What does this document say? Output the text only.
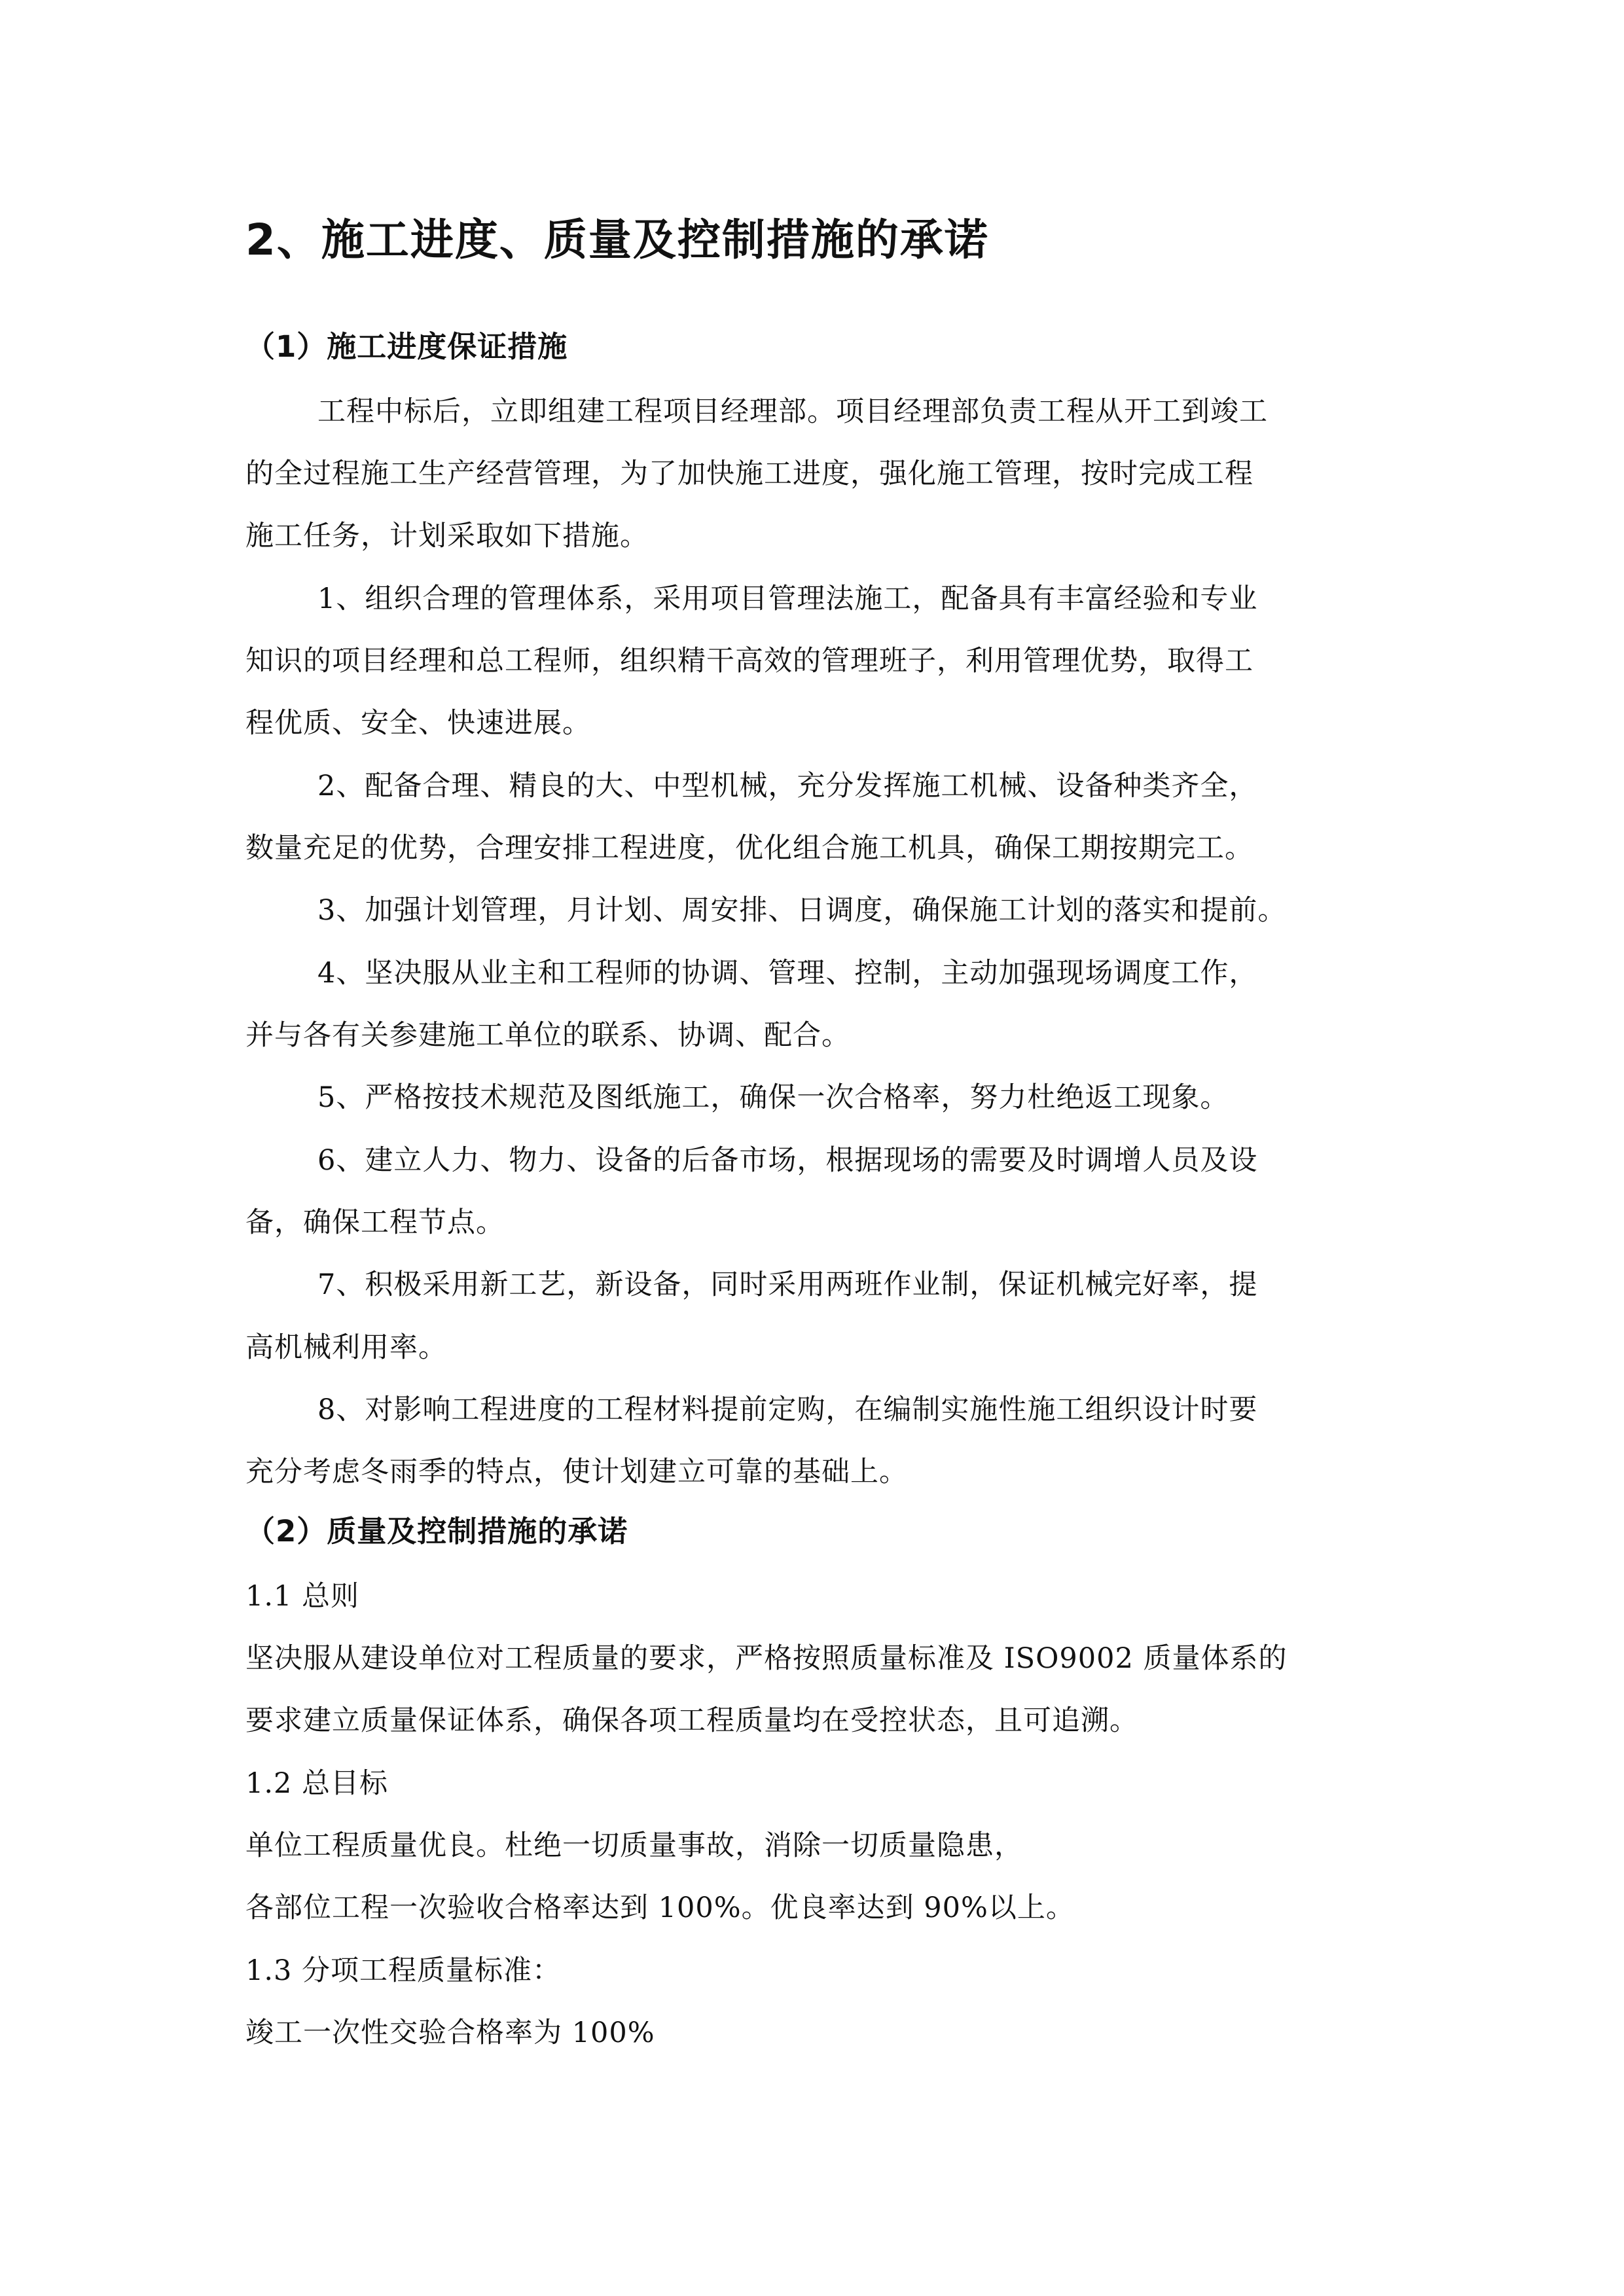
2、施工进度、质量及控制措施的承诺
（1）施工进度保证措施
工程中标后，立即组建工程项目经理部。项目经理部负责工程从开工到竣工
的全过程施工生产经营管理，为了加快施工进度，强化施工管理，按时完成工程
施工任务，计划采取如下措施。
1、组织合理的管理体系，采用项目管理法施工，配备具有丰富经验和专业
知识的项目经理和总工程师，组织精干高效的管理班子，利用管理优势，取得工
程优质、安全、快速进展。
2、配备合理、精良的大、中型机械，充分发挥施工机械、设备种类齐全，
数量充足的优势，合理安排工程进度，优化组合施工机具，确保工期按期完工。
3、加强计划管理，月计划、周安排、日调度，确保施工计划的落实和提前。
4、坚决服从业主和工程师的协调、管理、控制，主动加强现场调度工作，
并与各有关参建施工单位的联系、协调、配合。
5、严格按技术规范及图纸施工，确保一次合格率，努力杜绝返工现象。
6、建立人力、物力、设备的后备市场，根据现场的需要及时调增人员及设
备，确保工程节点。
7、积极采用新工艺，新设备，同时采用两班作业制，保证机械完好率，提
高机械利用率。
8、对影响工程进度的工程材料提前定购，在编制实施性施工组织设计时要
充分考虑冬雨季的特点，使计划建立可靠的基础上。
（2）质量及控制措施的承诺
1.1 总则
坚决服从建设单位对工程质量的要求，严格按照质量标准及 ISO9002 质量体系的
要求建立质量保证体系，确保各项工程质量均在受控状态，且可追溯。
1.2 总目标
单位工程质量优良。杜绝一切质量事故，消除一切质量隐患，
各部位工程一次验收合格率达到 100%。优良率达到 90%以上。
1.3 分项工程质量标准：
竣工一次性交验合格率为 100%
